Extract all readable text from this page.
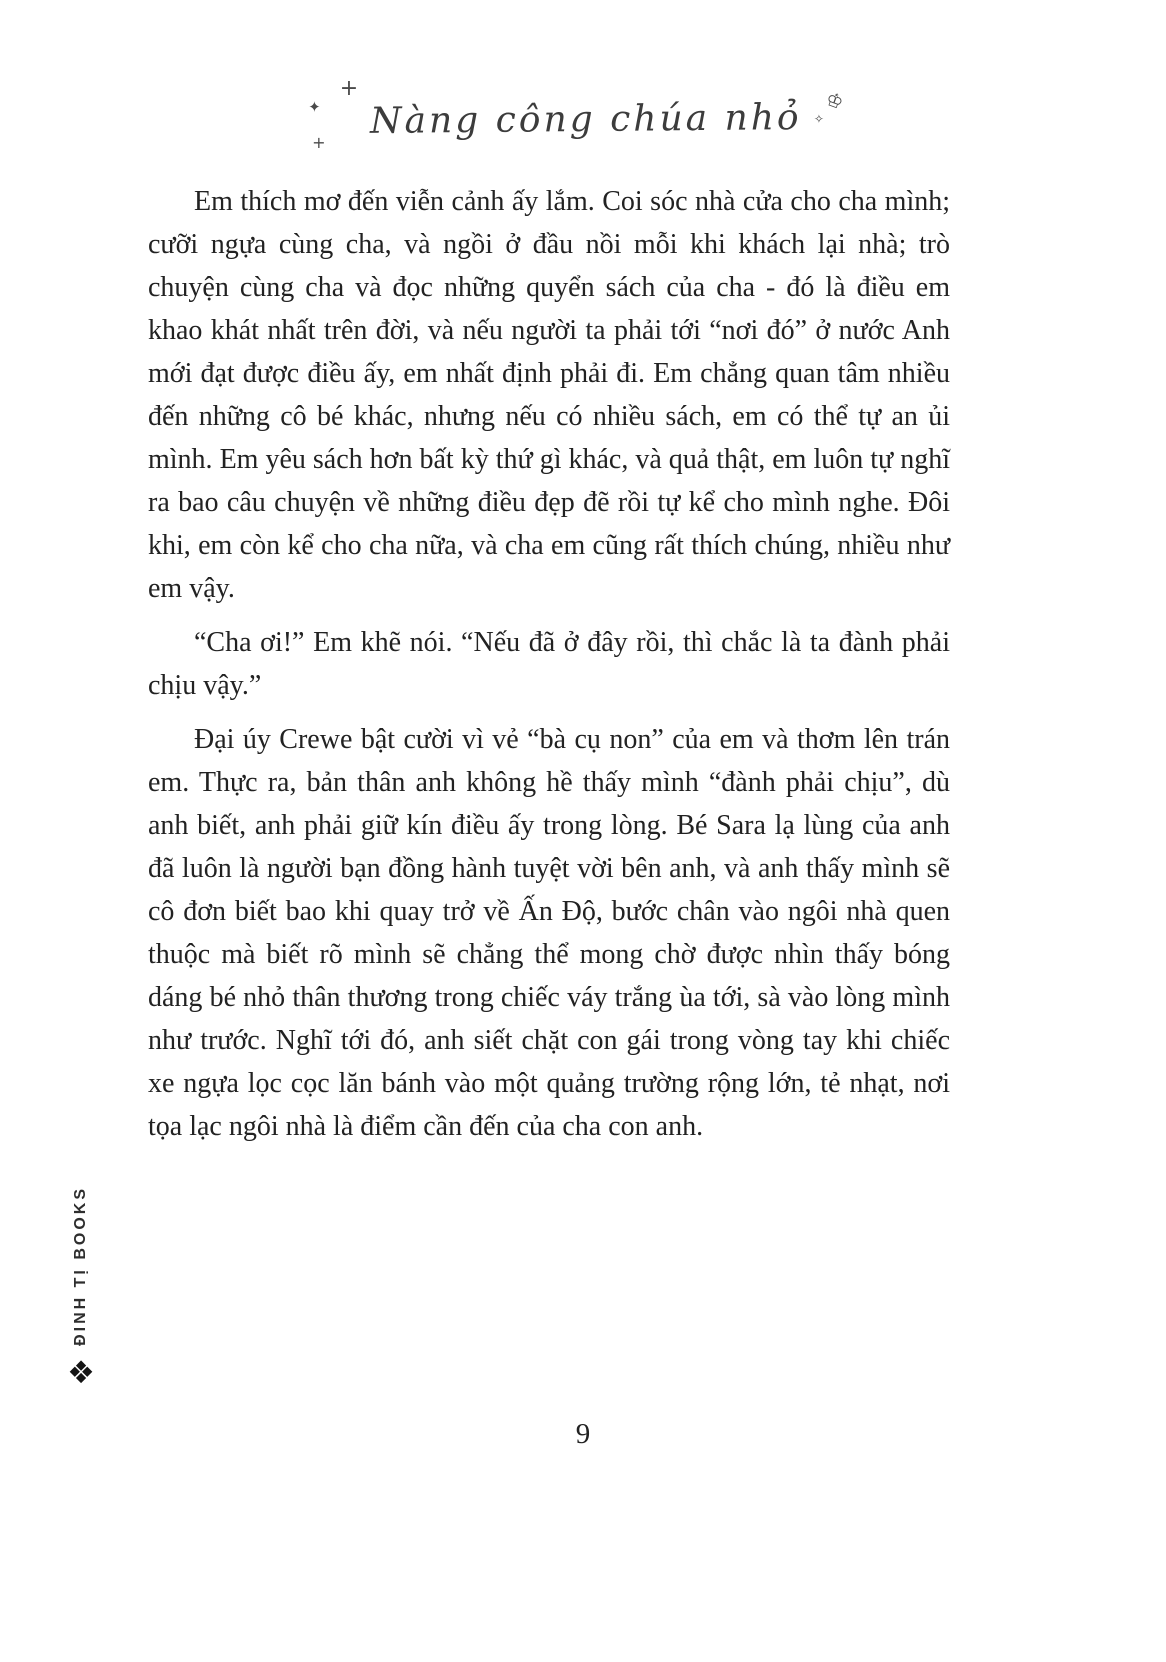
+
✦
+
Nàng công chúa nhỏ ♔
✧

Em thích mơ đến viễn cảnh ấy lắm. Coi sóc nhà cửa cho cha mình; cưỡi ngựa cùng cha, và ngồi ở đầu nồi mỗi khi khách lại nhà; trò chuyện cùng cha và đọc những quyển sách của cha - đó là điều em khao khát nhất trên đời, và nếu người ta phải tới “nơi đó” ở nước Anh mới đạt được điều ấy, em nhất định phải đi. Em chẳng quan tâm nhiều đến những cô bé khác, nhưng nếu có nhiều sách, em có thể tự an ủi mình. Em yêu sách hơn bất kỳ thứ gì khác, và quả thật, em luôn tự nghĩ ra bao câu chuyện về những điều đẹp đẽ rồi tự kể cho mình nghe. Đôi khi, em còn kể cho cha nữa, và cha em cũng rất thích chúng, nhiều như em vậy.

“Cha ơi!” Em khẽ nói. “Nếu đã ở đây rồi, thì chắc là ta đành phải chịu vậy.”

Đại úy Crewe bật cười vì vẻ “bà cụ non” của em và thơm lên trán em. Thực ra, bản thân anh không hề thấy mình “đành phải chịu”, dù anh biết, anh phải giữ kín điều ấy trong lòng. Bé Sara lạ lùng của anh đã luôn là người bạn đồng hành tuyệt vời bên anh, và anh thấy mình sẽ cô đơn biết bao khi quay trở về Ấn Độ, bước chân vào ngôi nhà quen thuộc mà biết rõ mình sẽ chẳng thể mong chờ được nhìn thấy bóng dáng bé nhỏ thân thương trong chiếc váy trắng ùa tới, sà vào lòng mình như trước. Nghĩ tới đó, anh siết chặt con gái trong vòng tay khi chiếc xe ngựa lọc cọc lăn bánh vào một quảng trường rộng lớn, tẻ nhạt, nơi tọa lạc ngôi nhà là điểm cần đến của cha con anh.

ĐINH TỊ BOOKS
❖
9
